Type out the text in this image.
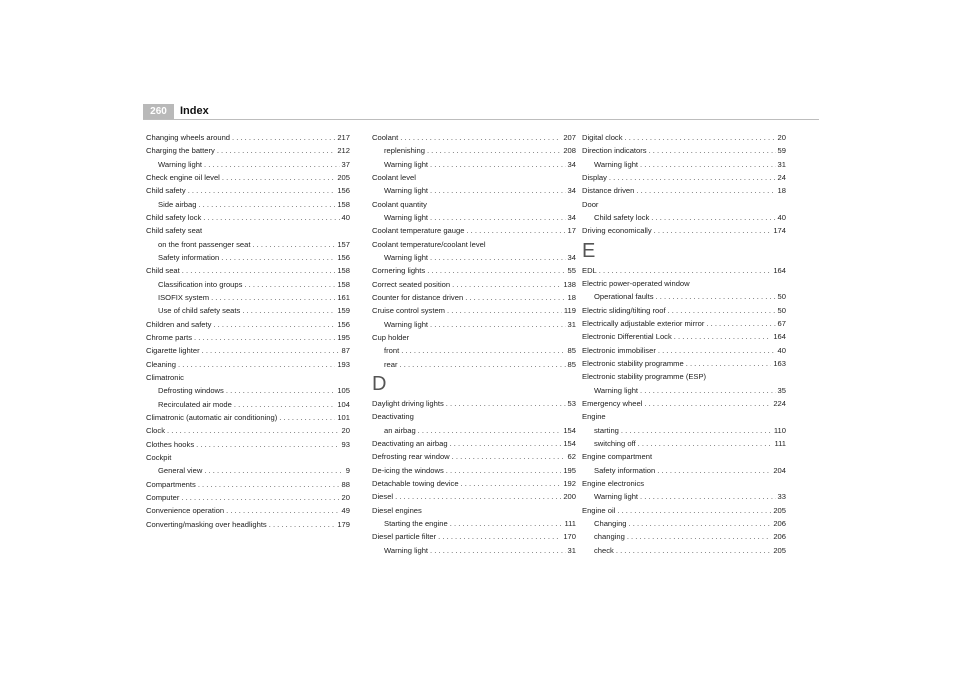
260	Index
Changing wheels around . . .	217
Charging the battery . . .	212
Warning light . . .	37
Check engine oil level . . .	205
Child safety . . .	156
Side airbag . . .	158
Child safety lock . . .	40
Child safety seat
on the front passenger seat . . .	157
Safety information . . .	156
Child seat . . .	158
Classification into groups . . .	158
ISOFIX system . . .	161
Use of child safety seats . . .	159
Children and safety . . .	156
Chrome parts . . .	195
Cigarette lighter . . .	87
Cleaning . . .	193
Climatronic
Defrosting windows . . .	105
Recirculated air mode . . .	104
Climatronic (automatic air conditioning) . . .	101
Clock . . .	20
Clothes hooks . . .	93
Cockpit
General view . . .	9
Compartments . . .	88
Computer . . .	20
Convenience operation . . .	49
Converting/masking over headlights . . .	179
Coolant . . .	207
replenishing . . .	208
Warning light . . .	34
Coolant level
Warning light . . .	34
Coolant quantity
Warning light . . .	34
Coolant temperature gauge . . .	17
Coolant temperature/coolant level
Warning light . . .	34
Cornering lights . . .	55
Correct seated position . . .	138
Counter for distance driven . . .	18
Cruise control system . . .	119
Warning light . . .	31
Cup holder
front . . .	85
rear . . .	85
D
Daylight driving lights . . .	53
Deactivating
an airbag . . .	154
Deactivating an airbag . . .	154
Defrosting rear window . . .	62
De-icing the windows . . .	195
Detachable towing device . . .	192
Diesel . . .	200
Diesel engines
Starting the engine . . .	111
Diesel particle filter . . .	170
Warning light . . .	31
Digital clock . . .	20
Direction indicators . . .	59
Warning light . . .	31
Display . . .	24
Distance driven . . .	18
Door
Child safety lock . . .	40
Driving economically . . .	174
E
EDL . . .	164
Electric power-operated window
Operational faults . . .	50
Electric sliding/tilting roof . . .	50
Electrically adjustable exterior mirror . . .	67
Electronic Differential Lock . . .	164
Electronic immobiliser . . .	40
Electronic stability programme . . .	163
Electronic stability programme (ESP)
Warning light . . .	35
Emergency wheel . . .	224
Engine
starting . . .	110
switching off . . .	111
Engine compartment
Safety information . . .	204
Engine electronics
Warning light . . .	33
Engine oil . . .	205
Changing . . .	206
changing . . .	206
check . . .	205
